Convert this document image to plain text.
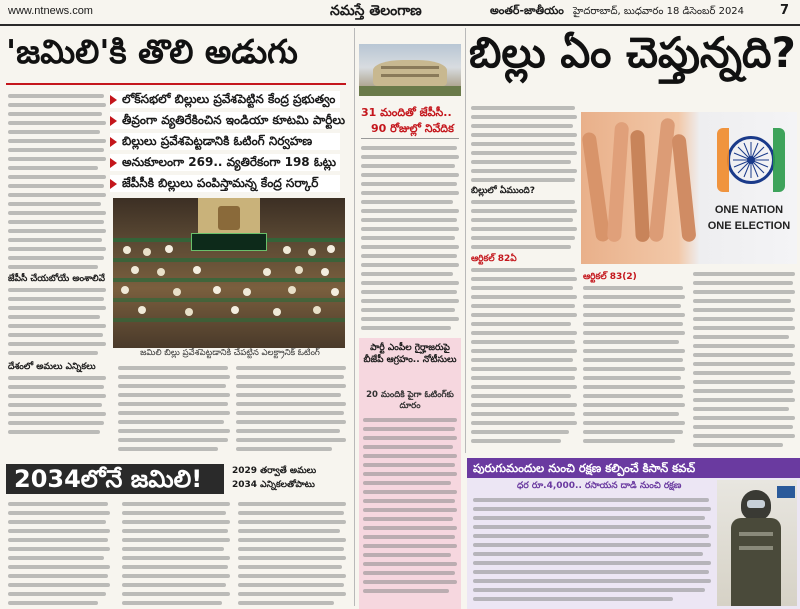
www.ntnews.com	నమస్తే తెలంగాణ	అంతర్-జాతీయం హైదరాబాద్, బుధవారం 18 డిసెంబర్ 2024	7
'జమిలి'కి తొలి అడుగు
జేపీసీ చేయబోయే అంశాలివే
దేశంలో అమలు ఎన్నికలు
లోక్‌సభలో బిల్లులు ప్రవేశపెట్టిన కేంద్ర ప్రభుత్వం
తీవ్రంగా వ్యతిరేకించిన ఇండియా కూటమి పార్టీలు
బిల్లులు ప్రవేశపెట్టడానికి ఓటింగ్ నిర్వహణ
అనుకూలంగా 269.. వ్యతిరేకంగా 198 ఓట్లు
జేపీసీకి బిల్లులు పంపిస్తామన్న కేంద్ర సర్కార్
జమిలి బిల్లు ప్రవేశపెట్టడానికి చేపట్టిన ఎలక్ట్రానిక్ ఓటింగ్
2034లోనే జమిలి!	2029 తర్వాతే అమలు
2034 ఎన్నికలతోపాటు
31 మందితో జేపీసీ..
90 రోజుల్లో నివేదిక
పార్టీ ఎంపీల గైర్హాజరుపై బీజేపీ ఆగ్రహం.. నోటీసులు
20 మందికి పైగా ఓటింగ్‌కు దూరం
బిల్లు ఏం చెప్తున్నది?
బిల్లులో ఏముంది?
ఆర్టికల్ 82ఏ
ONE NATION
ONE ELECTION
ఆర్టికల్ 83(2)
పురుగుమందుల నుంచి రక్షణ కల్పించే కిసాన్ కవచ్
ధర రూ.4,000.. రసాయన దాడి నుంచి రక్షణ
